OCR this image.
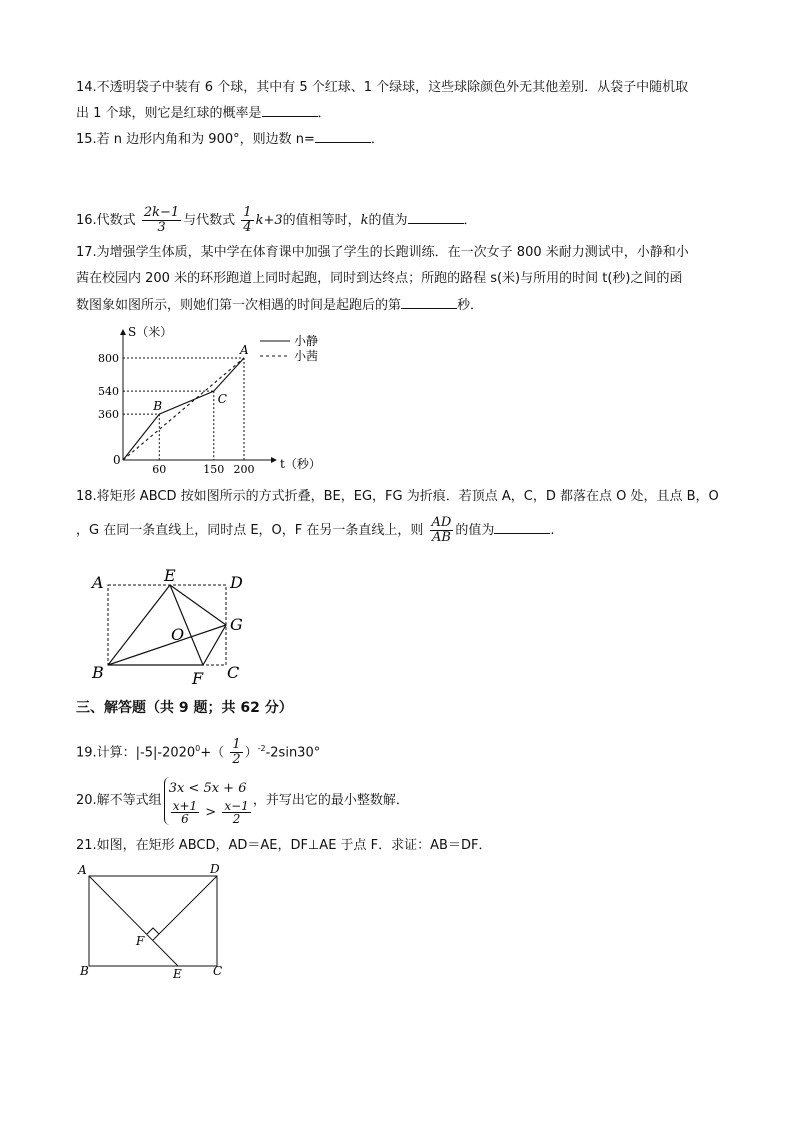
14.不透明袋子中装有 6 个球，其中有 5 个红球、1 个绿球，这些球除颜色外无其他差别．从袋子中随机取
出 1 个球，则它是红球的概率是	．
15.若 n 边形内角和为 900°，则边数 n=	．
16.代数式 $\frac{2k-1}{3}$ 与代数式 $\frac{1}{4} k+3$的值相等时，k的值为	．
17.为增强学生体质，某中学在体育课中加强了学生的长跑训练．在一次女子 800 米耐力测试中，小静和小
茜在校园内 200 米的环形跑道上同时起跑，同时到达终点；所跑的路程 s(米)与所用的时间 t(秒)之间的函
数图象如图所示，则她们第一次相遇的时间是起跑后的第	秒．
S（米）
t（秒）
0
60	150 200
360
540
800
B	C
A
小静
小茜
18.将矩形 ABCD 按如图所示的方式折叠，BE，EG，FG 为折痕．若顶点 A，C，D 都落在点 O 处，且点 B，O
，G 在同一条直线上，同时点 E，O，F 在另一条直线上，则 $\frac{AD}{AB}$ 的值为	.
A
B	C
D
E
F
G
O
三、解答题（共 9 题；共 62 分）
19.计算：$|-5|-2020^0+( \frac{1}{2} )^{-2}-2\sin 30^\circ$
20.解不等式组
3x < 5x + 6
$\frac{x+1}{6}$
>
$\frac{x-1}{2}$ ，并写出它的最小整数解．
21.如图，在矩形 ABCD，AD＝AE，DF⊥AE 于点 F．求证：AB＝DF．
A
B	C
D
E
F
